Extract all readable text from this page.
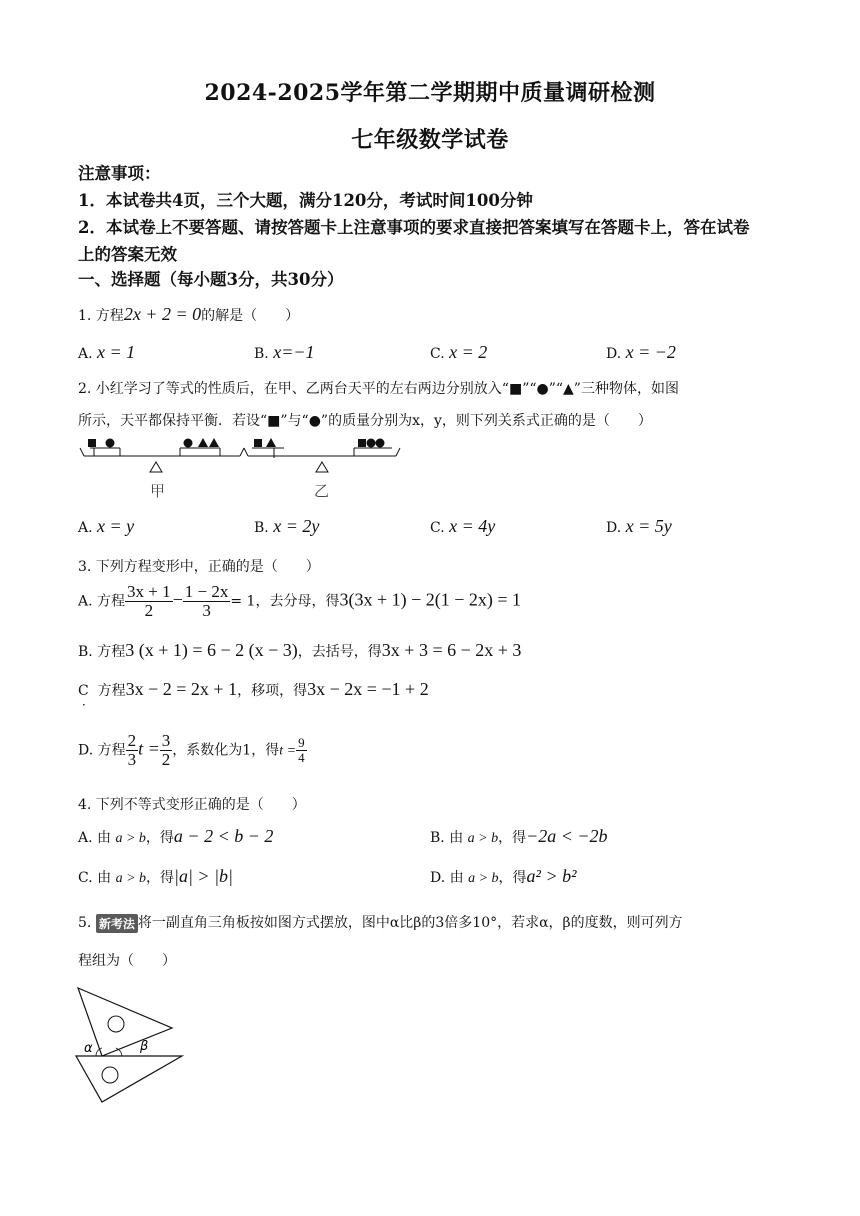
2024-2025学年第二学期期中质量调研检测
七年级数学试卷
注意事项：
1．本试卷共4页，三个大题，满分120分，考试时间100分钟
2．本试卷上不要答题、请按答题卡上注意事项的要求直接把答案填写在答题卡上，答在试卷
上的答案无效
一、选择题（每小题3分，共30分）
1. 方程2x + 2 = 0的解是（　　）
A. x = 1	B. x=−1	C. x = 2	D. x = −2
2. 小红学习了等式的性质后，在甲、乙两台天平的左右两边分别放入“■”“●”“▲”三种物体，如图
所示，天平都保持平衡．若设“■”与“●”的质量分别为x，y，则下列关系式正确的是（　　）
甲	乙
A. x = y	B. x = 2y	C. x = 4y	D. x = 5y
3. 下列方程变形中，正确的是（　　）
A. 方程 $\frac{3x + 1}{2} - \frac{1 - 2x}{3} = 1$，去分母，得3(3x + 1) − 2(1 − 2x) = 1
B. 方程3 (x + 1) = 6 − 2 (x − 3)，去括号，得3x + 3 = 6 − 2x + 3
C 方程3x − 2 = 2x + 1，移项，得3x − 2x = −1 + 2
．
D. 方程 $\frac{2}{3}$ $t = \frac{3}{2}$ ，系数化为1，得$t = \frac{9}{4}$
4. 下列不等式变形正确的是（　　）
A. 由 a > b，得a − 2 < b − 2	B. 由 a > b，得−2a < −2b
C. 由 a > b，得|a| > |b|	D. 由 a > b，得a² > b²
5. 新考法 将一副直角三角板按如图方式摆放，图中α比β的3倍多10°，若求α，β的度数，则可列方
程组为（　　）
α	β
